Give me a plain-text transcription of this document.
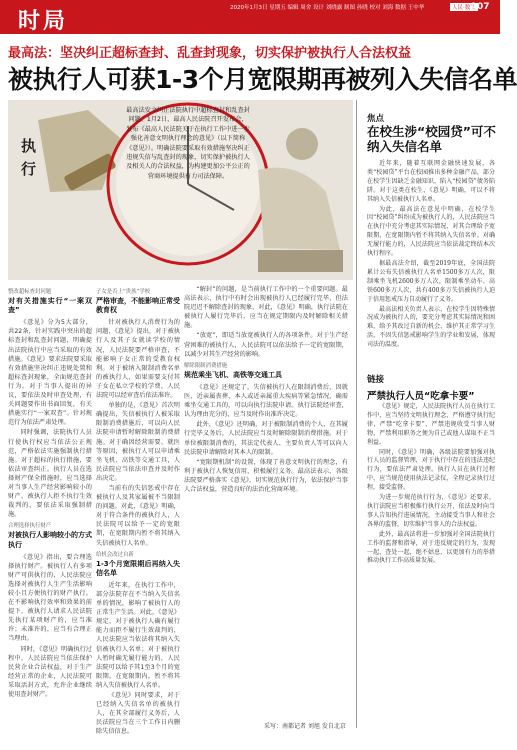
时局	2020年1月3日 星期五 编辑 周舍 设计 刘晓露 制图 孙晓 校对 刘海 数据 王中华	人民·数读
A07
最高法：坚决纠正超标查封、乱查封现象，切实保护被执行人合法权益
被执行人可获1-3个月宽限期再被列入失信名单
执行
最高法发文纠正法院执行中超标查封和乱查封问题。1月2日，最高人民法院召开发布会，发布《最高人民法院关于在执行工作中进一步强化善意文明执行理念的意见》（以下简称《意见》）。明确法院要采取有效措施坚决纠正违规失信与乱查封的现象，切实保护被执行人及相关人的合法权益，为构建更加公平公正的营商环境提供有力司法保障。
整改超标查封问题
对有关措施实行“一案双查”

《意见》分为5大部分，共22条，针对实践中突出的超标查封和乱查封问题，明确提出法院执行中应当采取的有效措施。《意见》要求法院要采取有效措施坚决纠正违规处置和超标查封现象，全面规范查封行为。对于当事人提出的异议，要依法及时审查处理，有关问题要作出书面回复，有关措施实行“一案双查”。针对规范行为依法严肃处理。

同时强调，法院执行人员行使执行权应当依法公正规范，严格依法实施强制执行措施。对于超标的执行措施，要依法审查纠正。执行人员在选择财产保全措施时，应当选择对当事人生产经营影响较小的财产。被执行人拒不执行生效裁判的，要依法采取强制措施。

合理选择执行财产
对被执行人影响较小的方式执行

《意见》指出，要合理选择执行财产。被执行人有多项财产可供执行的，人民法院应选择对被执行人生产生活影响较小且方便执行的财产执行。在不影响执行效率和效果的前提下，被执行人请求人民法院先执行某项财产的，应当准许；未准许的，应当有合理正当理由。

同时，《意见》明确执行过程中，人民法院应当依法保护民营企业合法权益，对于生产经营正常的企业，人民法院可采取活封方式，允许企业继续使用查封财产。

子女是否上“贵族”学校
严格审查，不能影响正常受教育权

针对被执行人消费行为的问题，《意见》提出，对于被执行人及其子女就读学校的情况，人民法院要严格审查，不能影响子女正常的受教育权利。对于被纳入限制消费名单的被执行人，如果需要支付其子女在私立学校的学费，人民法院可以经审查后依法准许。

单独的是，《意见》首次明确提出，失信被执行人被采取限制消费措施后，可以向人民法院申请暂时解除限制消费措施。对于确因经营需要、就医等原因，被执行人可以申请乘坐飞机、高铁等交通工具，人民法院应当依法审查并及时作出决定。

当前有的失信惩戒中存在被执行人及其家属被不当限制的问题。对此，《意见》明确，对于符合条件的被执行人，人民法院可以给予一定的宽限期，在宽限期内暂不将其纳入失信被执行人名单。

给机会改过自新
1-3个月宽限期后再纳入失信名单

近年来，在执行工作中，部分法院存在不当纳入失信名单的情况，影响了被执行人的正常生产生活。对此，《意见》规定，对于被执行人确有履行能力而拒不履行生效裁判的，人民法院应当依法将其纳入失信被执行人名单；对于被执行人暂时确无履行能力的，人民法院可以给予其1至3个月的宽限期。在宽限期内，暂不将其纳入失信被执行人名单。

《意见》同时要求，对于已经纳入失信名单的被执行人，在其全部履行义务后，人民法院应当在三个工作日内删除失信信息。

“解封”的问题，是当前执行工作中的一个重要问题。最高法表示，执行中有时会出现被执行人已经履行完毕，但法院迟迟不解除查封的现象，对此，《意见》明确，执行法院在被执行人履行完毕后，应当在规定期限内及时解除相关措施。

“放宽”，即适当放宽被执行人的各项条件。对于生产经营困难的被执行人，人民法院可以依法给予一定的宽限期，以减少对其生产经营的影响。

解除限制消费措施
规范乘坐飞机、高铁等交通工具

《意见》还规定了，失信被执行人在限制消费后，因就医、近亲属丧葬、本人或近亲属重大疾病等紧急情况，确需乘坐交通工具的，可以向执行法院申请。执行法院经审查，认为理由充分的，应当及时作出准许决定。

此外，《意见》还明确，对于被限制消费的个人，在其履行完毕义务后，人民法院应当及时解除限制消费措施。对于单位被限制消费的，其法定代表人、主要负责人等可以向人民法院申请解除对其本人的限制。

“宽限期机制”的设置，体现了善意文明执行的理念，有利于被执行人恢复信用，积极履行义务。最高法表示，各级法院要严格落实《意见》，切实规范执行行为，依法保护当事人合法权益，营造良好的法治化营商环境。

焦点
在校生涉“校园贷”可不纳入失信名单

近年来，随着互联网金融快速发展，各类“校园贷”平台在校园推出多种金融产品，部分在校学生因缺乏金融知识，陷入“校园贷”债务陷阱。对于这类在校生，《意见》明确，可以不将其纳入失信被执行人名单。

为此，最高法在意见中明确，在校学生因“校园贷”纠纷成为被执行人的，人民法院应当在执行中充分考虑其实际情况，对其合理给予宽限期，在宽限期内暂不将其纳入失信名单。对确无履行能力的，人民法院应当依法裁定终结本次执行程序。

据最高法介绍，截至2019年底，全国法院累计公布失信被执行人名单1500多万人次，限制乘坐飞机2600多万人次，限制乘坐动车、高铁600多万人次，共有400多万失信被执行人迫于信用惩戒压力自动履行了义务。

最高法相关负责人表示，在校学生因特殊情况成为被执行人的，要充分考虑其实际情况和困难，给予其改过自新的机会，维护其正常学习生活，不因失信惩戒影响学生的学业和发展，体现司法的温度。

链接
严禁执行人员“吃拿卡要”

《意见》规定，人民法院执行人员在执行工作中，应当坚持文明执行理念，严格遵守执行纪律，严禁“吃拿卡要”、严禁违规收受当事人财物，严禁利用职务之便为自己或他人谋取不正当利益。

同时，《意见》明确，各级法院要加强对执行人员的监督管理，对于执行中存在的违法违纪行为，要依法严肃处理。执行人员在执行过程中，应当规范使用执法记录仪，全程记录执行过程，接受监督。

为进一步规范执行行为，《意见》还要求，执行法院应当积极推行执行公开，依法及时向当事人告知执行进展情况，主动接受当事人和社会各界的监督，切实维护当事人的合法权益。

此外，最高法将进一步加强对全国法院执行工作的监督和指导，对于违反规定的行为，发现一起、查处一起，绝不姑息，以更加有力的举措推动执行工作高质量发展。

采写：南都记者 刘旭 发自北京
